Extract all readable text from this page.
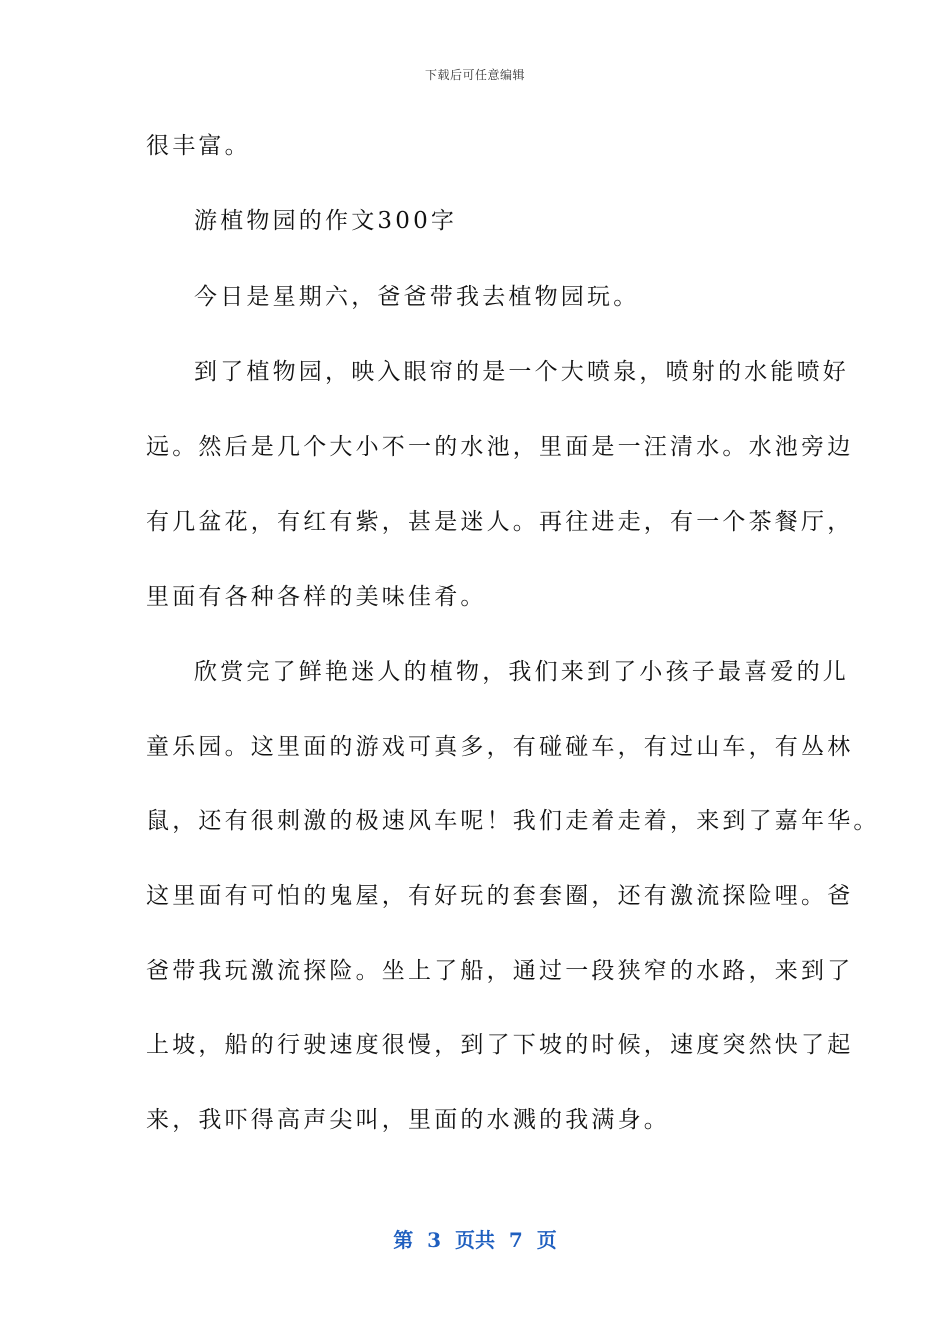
下载后可任意编辑
很丰富。
游植物园的作文300字
今日是星期六，爸爸带我去植物园玩。
到了植物园，映入眼帘的是一个大喷泉，喷射的水能喷好
远。然后是几个大小不一的水池，里面是一汪清水。水池旁边
有几盆花，有红有紫，甚是迷人。再往进走，有一个茶餐厅，
里面有各种各样的美味佳肴。
欣赏完了鲜艳迷人的植物，我们来到了小孩子最喜爱的儿
童乐园。这里面的游戏可真多，有碰碰车，有过山车，有丛林
鼠，还有很刺激的极速风车呢！我们走着走着，来到了嘉年华。
这里面有可怕的鬼屋，有好玩的套套圈，还有激流探险哩。爸
爸带我玩激流探险。坐上了船，通过一段狭窄的水路，来到了
上坡，船的行驶速度很慢，到了下坡的时候，速度突然快了起
来，我吓得高声尖叫，里面的水溅的我满身。
第  3  页共  7  页
